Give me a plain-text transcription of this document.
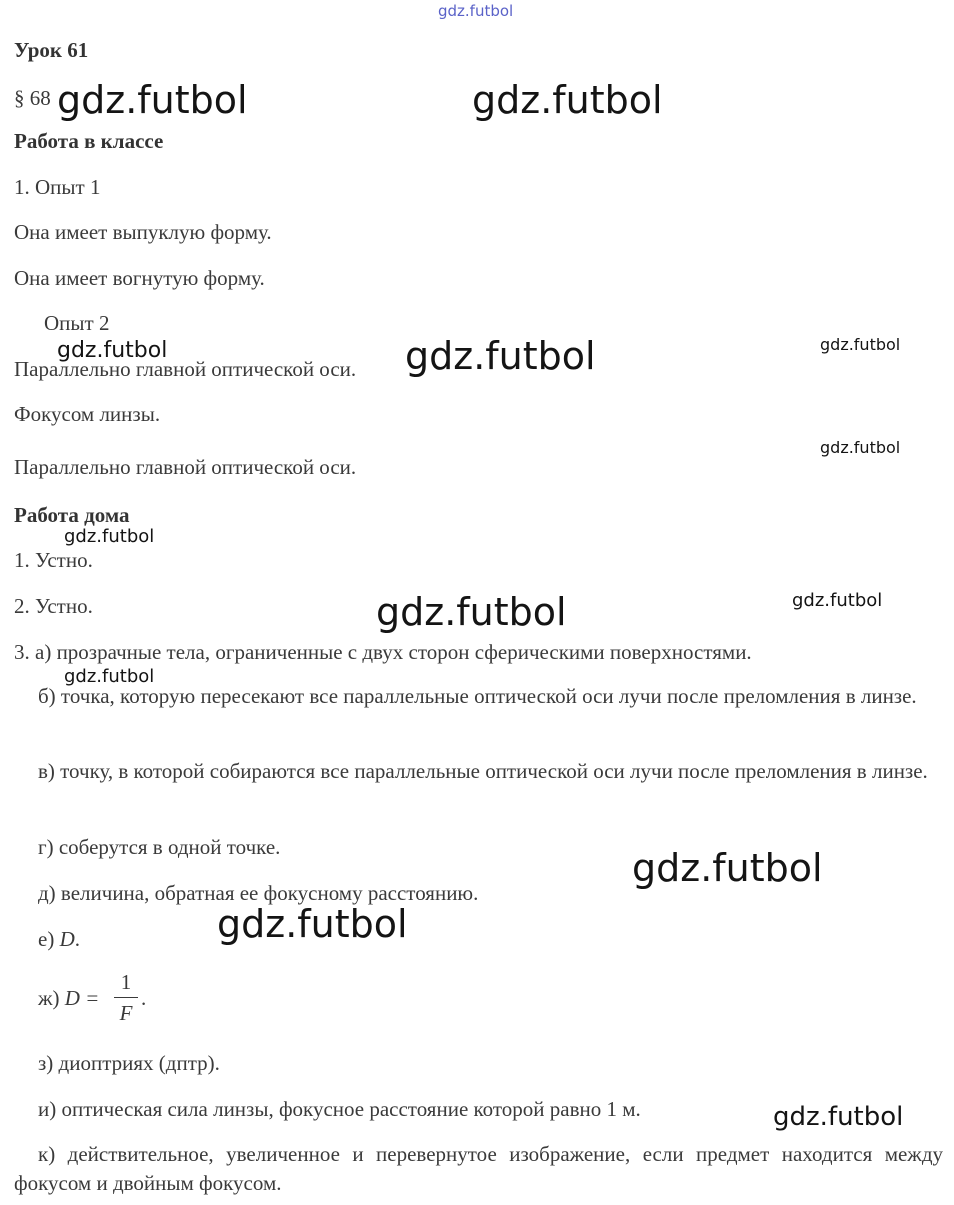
gdz.futbol
Урок 61
§ 68
Работа в классе
1. Опыт 1
Она имеет выпуклую форму.
Она имеет вогнутую форму.
Опыт 2
Параллельно главной оптической оси.
Фокусом линзы.
Параллельно главной оптической оси.
Работа дома
1. Устно.
2. Устно.
3. а) прозрачные тела, ограниченные с двух сторон сферическими поверхностями.
б) точка, которую пересекают все параллельные оптической оси лучи после преломления в линзе.
в) точку, в которой собираются все параллельные оптической оси лучи после преломления в линзе.
г) соберутся в одной точке.
д) величина, обратная ее фокусному расстоянию.
е) D.
ж) D =
1
F
.
з) диоптриях (дптр).
и) оптическая сила линзы, фокусное расстояние которой равно 1 м.
к) действительное, увеличенное и перевернутое изображение, если предмет находится между фокусом и двойным фокусом.
gdz.futbol	gdz.futbol
gdz.futbol	gdz.futbol	gdz.futbol
gdz.futbol
gdz.futbol
gdz.futbol	gdz.futbol
gdz.futbol
gdz.futbol
gdz.futbol
gdz.futbol
